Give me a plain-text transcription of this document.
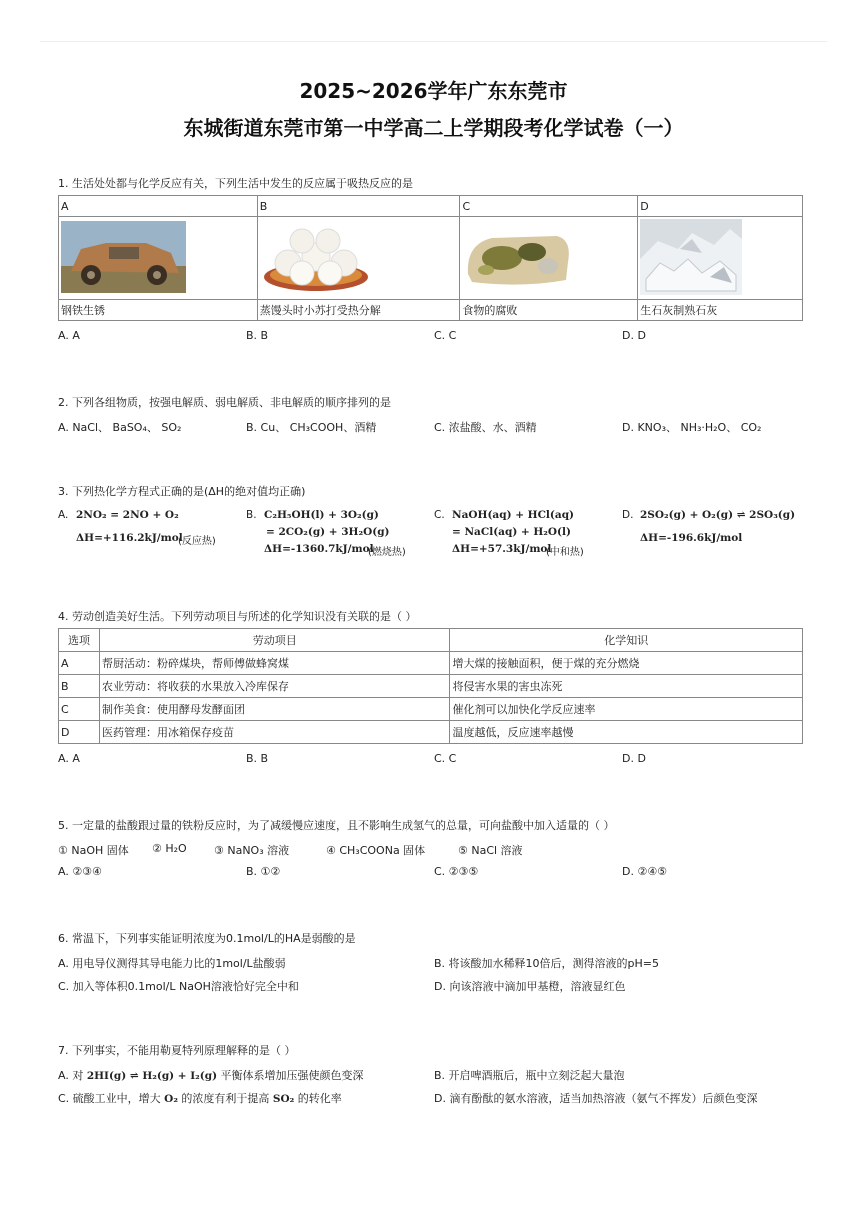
2025~2026学年广东东莞市
东城街道东莞市第一中学高二上学期段考化学试卷（一）
1. 生活处处都与化学反应有关，下列生活中发生的反应属于吸热反应的是
A	B	C	D

钢铁生锈	蒸馒头时小苏打受热分解	食物的腐败	生石灰制熟石灰
A. A	B. B	C. C	D. D
2. 下列各组物质，按强电解质、弱电解质、非电解质的顺序排列的是
A. NaCl、 BaSO₄、 SO₂	B. Cu、 CH₃COOH、酒精	C. 浓盐酸、水、酒精	D. KNO₃、 NH₃·H₂O、 CO₂
3. 下列热化学方程式正确的是(ΔH的绝对值均正确)
A. 2NO₂ = 2NO + O₂
ΔH=+116.2kJ/mol
(反应热)
B. C₂H₅OH(l) + 3O₂(g)
= 2CO₂(g) + 3H₂O(g)
ΔH=-1360.7kJ/mol
(燃烧热)
C. NaOH(aq) + HCl(aq)
= NaCl(aq) + H₂O(l)
ΔH=+57.3kJ/mol
(中和热)
D. 2SO₂(g) + O₂(g) ⇌ 2SO₃(g)
ΔH=-196.6kJ/mol
4. 劳动创造美好生活。下列劳动项目与所述的化学知识没有关联的是（ ）
选项	劳动项目	化学知识
A	帮厨活动：粉碎煤块，帮师傅做蜂窝煤	增大煤的接触面积，便于煤的充分燃烧
B	农业劳动：将收获的水果放入冷库保存	将侵害水果的害虫冻死
C	制作美食：使用酵母发酵面团	催化剂可以加快化学反应速率
D	医药管理：用冰箱保存疫苗	温度越低，反应速率越慢
A. A	B. B	C. C	D. D
5. 一定量的盐酸跟过量的铁粉反应时，为了减缓慢应速度，且不影响生成氢气的总量，可向盐酸中加入适量的（ ）
① NaOH 固体 ② H₂O ③ NaNO₃ 溶液	④ CH₃COONa 固体	⑤ NaCl 溶液
A. ②③④	B. ①②	C. ②③⑤	D. ②④⑤
6. 常温下，下列事实能证明浓度为0.1mol/L的HA是弱酸的是
A. 用电导仪测得其导电能力比的1mol/L盐酸弱	B. 将该酸加水稀释10倍后，测得溶液的pH=5
C. 加入等体积0.1mol/L NaOH溶液恰好完全中和	D. 向该溶液中滴加甲基橙，溶液显红色
7. 下列事实，不能用勒夏特列原理解释的是（ ）
A. 对 2HI(g) ⇌ H₂(g) + I₂(g) 平衡体系增加压强使颜色变深	B. 开启啤酒瓶后，瓶中立刻泛起大量泡
C. 硫酸工业中，增大 O₂ 的浓度有利于提高 SO₂ 的转化率	D. 滴有酚酞的氨水溶液，适当加热溶液（氨气不挥发）后颜色变深
